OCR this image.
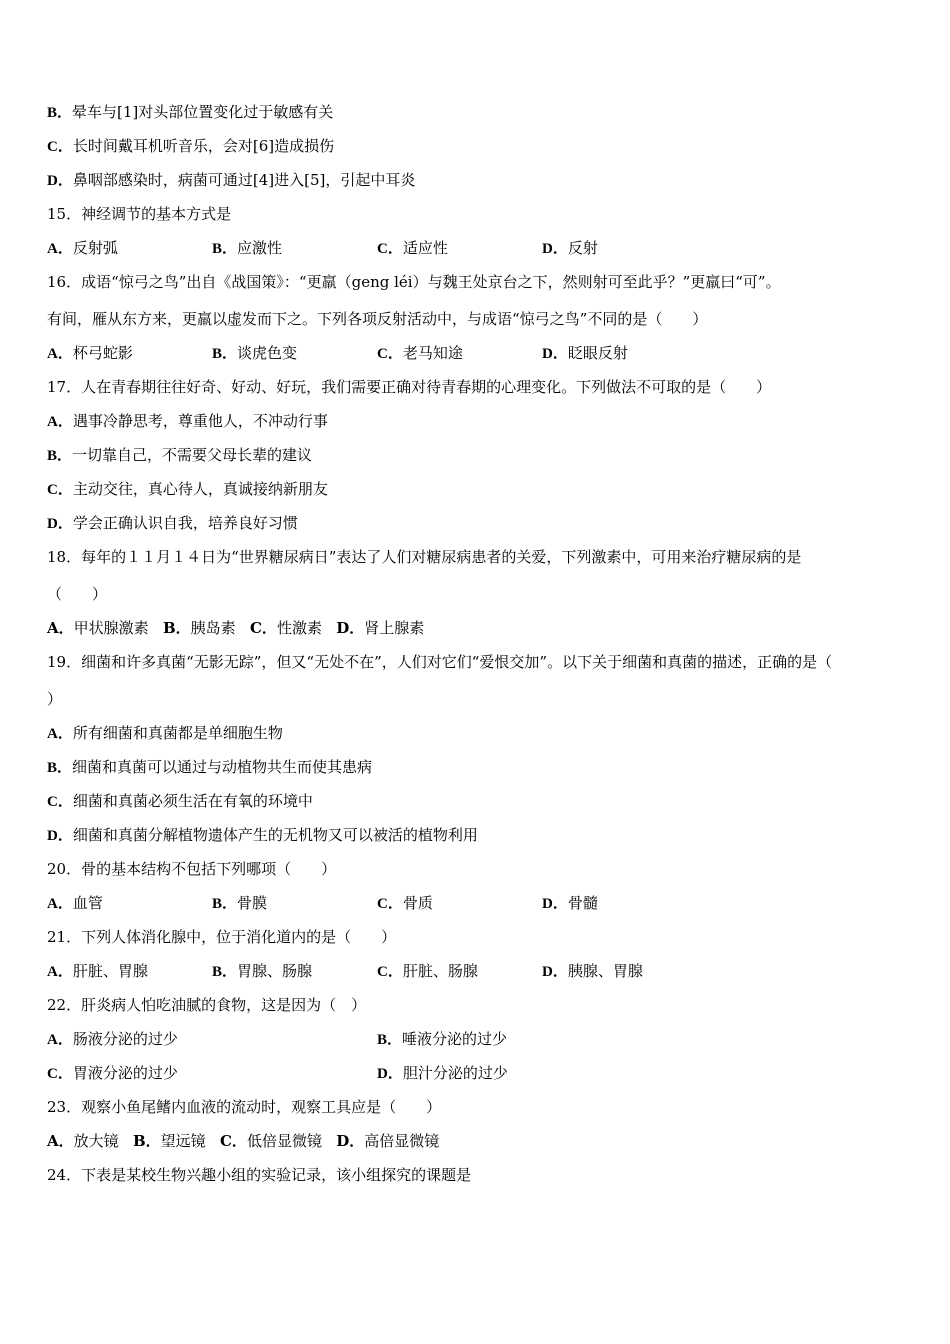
B．晕车与[1]对头部位置变化过于敏感有关
C．长时间戴耳机听音乐，会对[6]造成损伤
D．鼻咽部感染时，病菌可通过[4]进入[5]，引起中耳炎
15．神经调节的基本方式是
A．反射弧	B．应激性	C．适应性	D．反射
16．成语“惊弓之鸟”出自《战国策》：“更羸（geng léi）与魏王处京台之下，然则射可至此乎？”更羸曰“可”。
有间，雁从东方来，更羸以虚发而下之。下列各项反射活动中，与成语“惊弓之鸟”不同的是（　　）
A．杯弓蛇影	B．谈虎色变	C．老马知途	D．眨眼反射
17．人在青春期往往好奇、好动、好玩，我们需要正确对待青春期的心理变化。下列做法不可取的是（　　）
A．遇事冷静思考，尊重他人，不冲动行事
B．一切靠自己，不需要父母长辈的建议
C．主动交往，真心待人，真诚接纳新朋友
D．学会正确认识自我，培养良好习惯
18．每年的１１月１４日为“世界糖尿病日”表达了人们对糖尿病患者的关爱，下列激素中，可用来治疗糖尿病的是
（　　）
A．甲状腺激素 B．胰岛素 C．性激素 D．肾上腺素
19．细菌和许多真菌“无影无踪”，但又“无处不在”，人们对它们“爱恨交加”。以下关于细菌和真菌的描述，正确的是（
）
A．所有细菌和真菌都是单细胞生物
B．细菌和真菌可以通过与动植物共生而使其患病
C．细菌和真菌必须生活在有氧的环境中
D．细菌和真菌分解植物遗体产生的无机物又可以被活的植物利用
20．骨的基本结构不包括下列哪项（　　）
A．血管	B．骨膜	C．骨质	D．骨髓
21．下列人体消化腺中，位于消化道内的是（　　）
A．肝脏、胃腺	B．胃腺、肠腺	C．肝脏、肠腺	D．胰腺、胃腺
22．肝炎病人怕吃油腻的食物，这是因为（　）
A．肠液分泌的过少	B．唾液分泌的过少
C．胃液分泌的过少	D．胆汁分泌的过少
23．观察小鱼尾鳍内血液的流动时，观察工具应是（　　）
A．放大镜 B．望远镜 C．低倍显微镜 D．高倍显微镜
24．下表是某校生物兴趣小组的实验记录，该小组探究的课题是
